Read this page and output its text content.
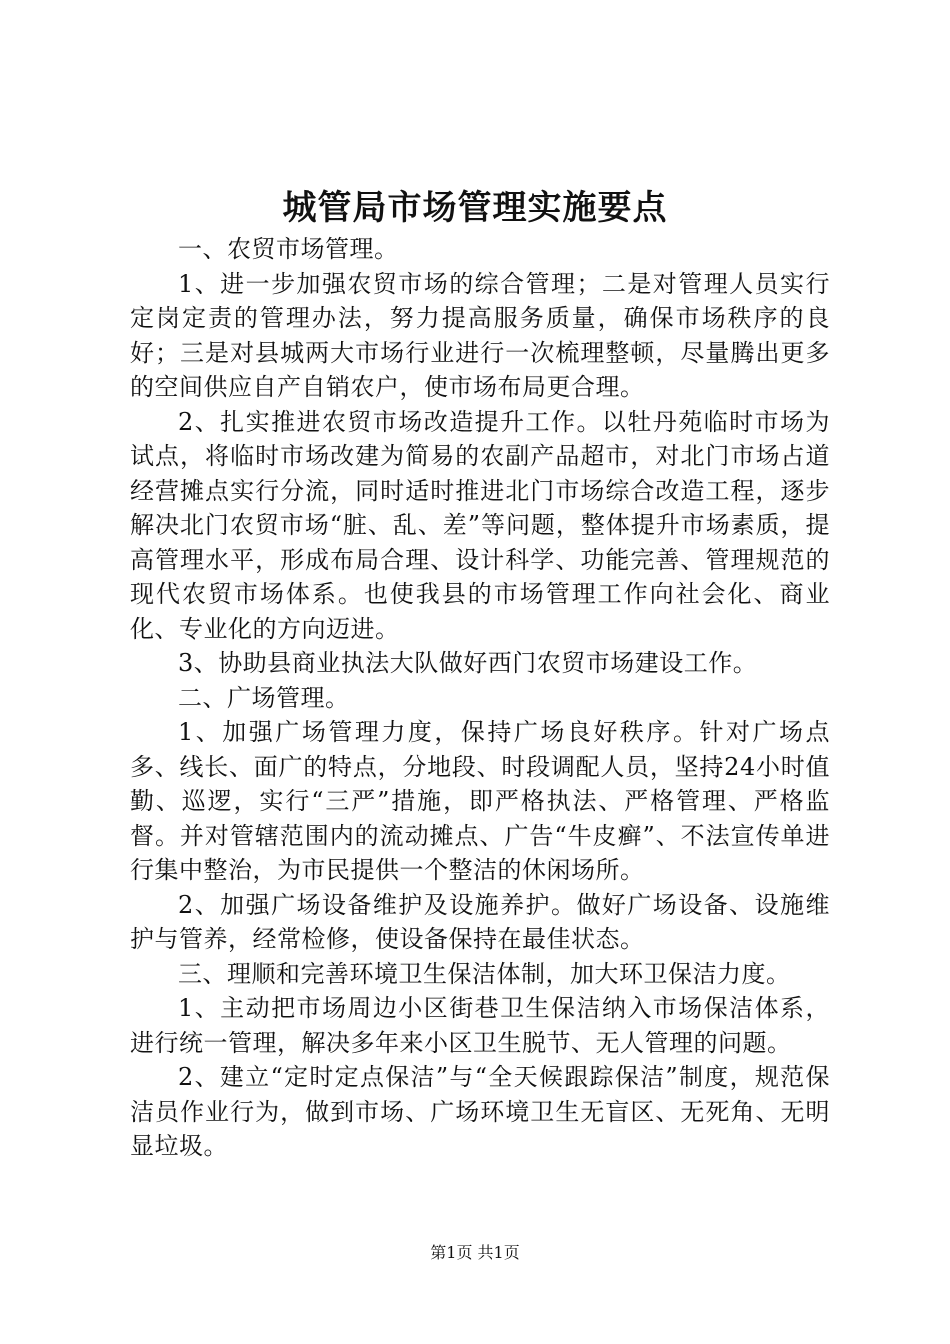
城管局市场管理实施要点

一、农贸市场管理。

1、进一步加强农贸市场的综合管理；二是对管理人员实行定岗定责的管理办法，努力提高服务质量，确保市场秩序的良好；三是对县城两大市场行业进行一次梳理整顿，尽量腾出更多的空间供应自产自销农户，使市场布局更合理。

2、扎实推进农贸市场改造提升工作。以牡丹苑临时市场为试点，将临时市场改建为简易的农副产品超市，对北门市场占道经营摊点实行分流，同时适时推进北门市场综合改造工程，逐步解决北门农贸市场“脏、乱、差”等问题，整体提升市场素质，提高管理水平，形成布局合理、设计科学、功能完善、管理规范的现代农贸市场体系。也使我县的市场管理工作向社会化、商业化、专业化的方向迈进。

3、协助县商业执法大队做好西门农贸市场建设工作。

二、广场管理。

1、加强广场管理力度，保持广场良好秩序。针对广场点多、线长、面广的特点，分地段、时段调配人员，坚持24小时值勤、巡逻，实行“三严”措施，即严格执法、严格管理、严格监督。并对管辖范围内的流动摊点、广告“牛皮癣”、不法宣传单进行集中整治，为市民提供一个整洁的休闲场所。

2、加强广场设备维护及设施养护。做好广场设备、设施维护与管养，经常检修，使设备保持在最佳状态。

三、理顺和完善环境卫生保洁体制，加大环卫保洁力度。

1、主动把市场周边小区街巷卫生保洁纳入市场保洁体系，进行统一管理，解决多年来小区卫生脱节、无人管理的问题。

2、建立“定时定点保洁”与“全天候跟踪保洁”制度，规范保洁员作业行为，做到市场、广场环境卫生无盲区、无死角、无明显垃圾。

第1页 共1页
